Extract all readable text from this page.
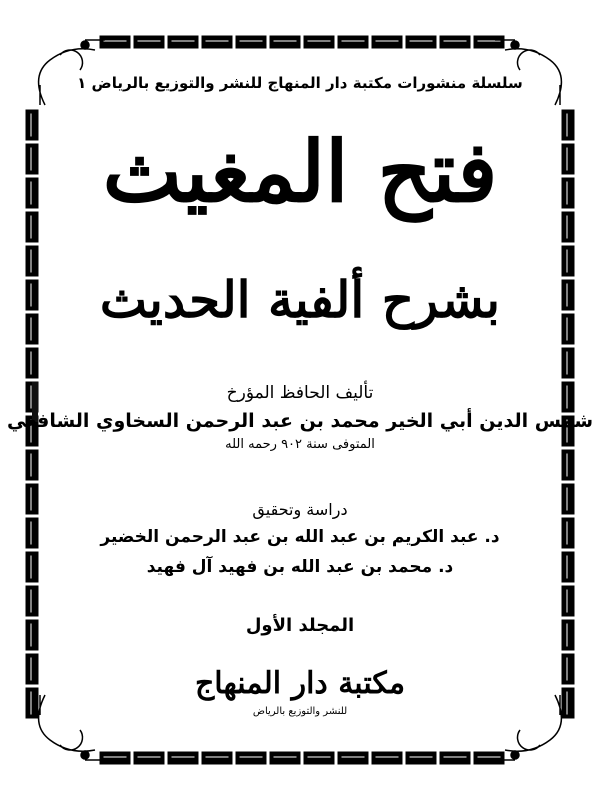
سلسلة منشورات مكتبة دار المنهاج للنشر والتوزيع بالرياض ١
فتح المغيث
بشرح ألفية الحديث
تأليف الحافظ المؤرخ
شمس الدين أبي الخير محمد بن عبد الرحمن السخاوي الشافعي
المتوفى سنة ٩٠٢ رحمه الله
دراسة وتحقيق
د. عبد الكريم بن عبد الله بن عبد الرحمن الخضير
د. محمد بن عبد الله بن فهيد آل فهيد
المجلد الأول
مكتبة دار المنهاج
للنشر والتوزيع بالرياض
